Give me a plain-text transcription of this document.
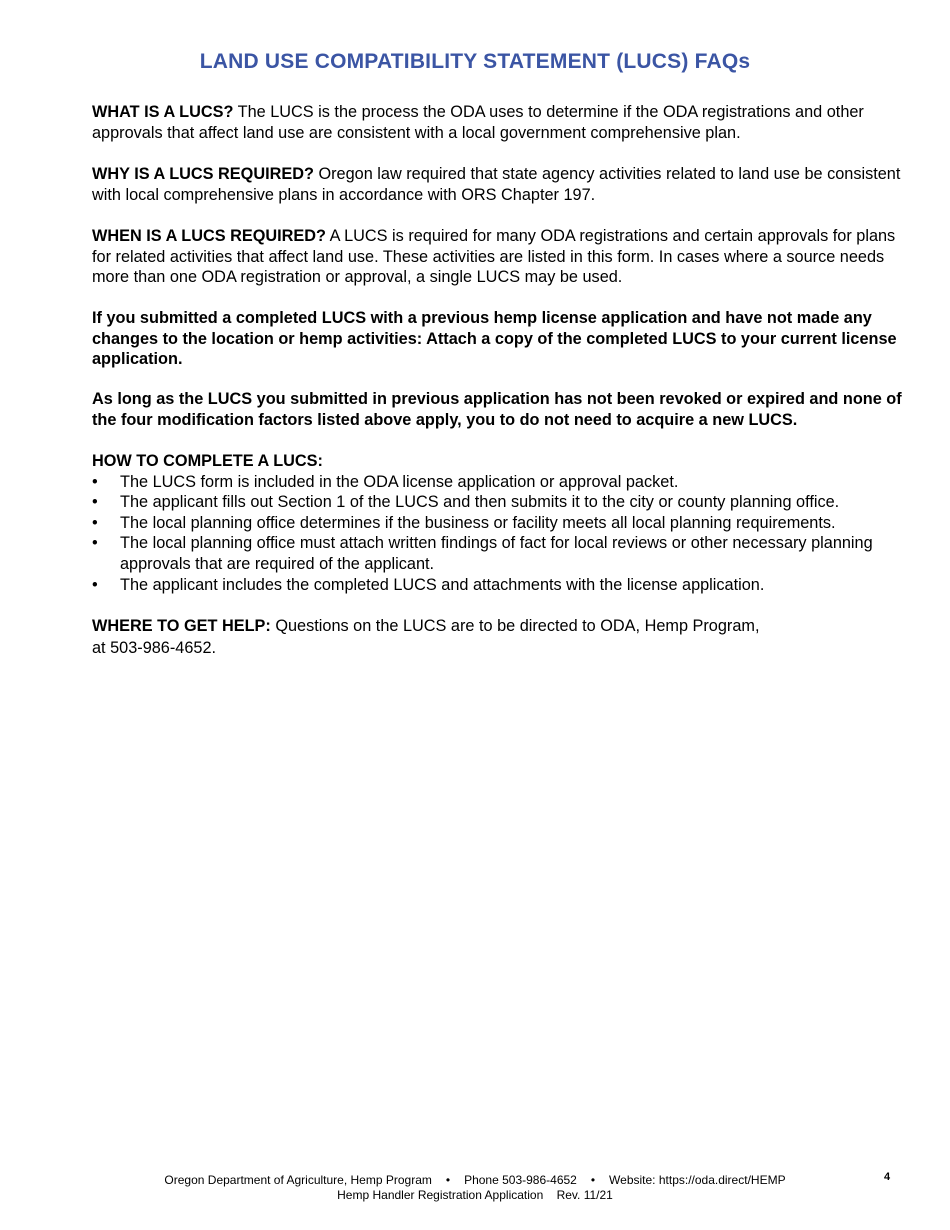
LAND USE COMPATIBILITY STATEMENT (LUCS) FAQs

WHAT IS A LUCS? The LUCS is the process the ODA uses to determine if the ODA registrations and other approvals that affect land use are consistent with a local government comprehensive plan.

WHY IS A LUCS REQUIRED? Oregon law required that state agency activities related to land use be consistent with local comprehensive plans in accordance with ORS Chapter 197.

WHEN IS A LUCS REQUIRED? A LUCS is required for many ODA registrations and certain approvals for plans for related activities that affect land use. These activities are listed in this form. In cases where a source needs more than one ODA registration or approval, a single LUCS may be used.

If you submitted a completed LUCS with a previous hemp license application and have not made any changes to the location or hemp activities: Attach a copy of the completed LUCS to your current license application.

As long as the LUCS you submitted in previous application has not been revoked or expired and none of the four modification factors listed above apply, you to do not need to acquire a new LUCS.

HOW TO COMPLETE A LUCS:
• The LUCS form is included in the ODA license application or approval packet.
• The applicant fills out Section 1 of the LUCS and then submits it to the city or county planning office.
• The local planning office determines if the business or facility meets all local planning requirements.
• The local planning office must attach written findings of fact for local reviews or other necessary planning approvals that are required of the applicant.
• The applicant includes the completed LUCS and attachments with the license application.
WHERE TO GET HELP: Questions on the LUCS are to be directed to ODA, Hemp Program,
at 503-986-4652.
Oregon Department of Agriculture, Hemp Program • Phone 503-986-4652 • Website: https://oda.direct/HEMP
Hemp Handler Registration Application    Rev. 11/21
4
